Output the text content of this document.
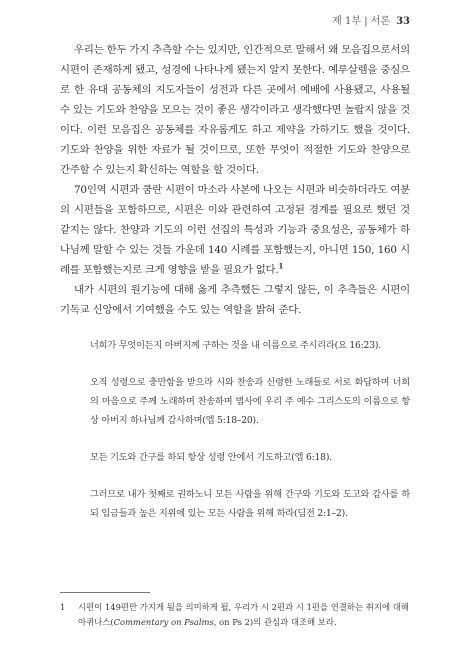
제 1부 | 서론 33

우리는 한두 가지 추측할 수는 있지만, 인간적으로 말해서 왜 모음집으로서의 시편이 존재하게 됐고, 성경에 나타나게 됐는지 알지 못한다. 예루살렘을 중심으로 한 유대 공동체의 지도자들이 성전과 다른 곳에서 예배에 사용됐고, 사용될 수 있는 기도와 찬양을 모으는 것이 좋은 생각이라고 생각했다면 놀랍지 않을 것이다. 이런 모음집은 공동체를 자유롭게도 하고 제약을 가하기도 했을 것이다. 기도와 찬양을 위한 자료가 될 것이므로, 또한 무엇이 적절한 기도와 찬양으로 간주할 수 있는지 확신하는 역할을 할 것이다.

70인역 시편과 쿰란 시편이 마소라 사본에 나오는 시편과 비슷하더라도 여분의 시편들을 포함하므로, 시편은 이와 관련하여 고정된 경계를 필요로 했던 것 같지는 않다. 찬양과 기도의 이런 선집의 특성과 기능과 중요성은, 공동체가 하나님께 말할 수 있는 것들 가운데 140 시례를 포함했는지, 아니면 150, 160 시례를 포함했는지로 크게 영향을 받을 필요가 없다.$^1$

내가 시편의 원기능에 대해 옳게 추측했든 그렇지 않든, 이 추측들은 시편이 기독교 신앙에서 기여했을 수도 있는 역할을 밝혀 준다.

너희가 무엇이든지 아버지께 구하는 것을 내 이름으로 주시리라(요 16:23).

오직 성령으로 충만함을 받으라 시와 찬송과 신령한 노래들로 서로 화답하며 너희의 마음으로 주께 노래하며 찬송하며 범사에 우리 주 예수 그리스도의 이름으로 항상 아버지 하나님께 감사하며(엡 5:18–20).

모든 기도와 간구를 하되 항상 성령 안에서 기도하고(엡 6:18).

그러므로 내가 첫째로 권하노니 모든 사람을 위해 간구와 기도와 도고와 감사를 하되 임금들과 높은 지위에 있는 모든 사람을 위해 하라(딤전 2:1–2).

1	시편이 149편만 가지게 됨을 의미하게 될, 우리가 시 2편과 시 1편을 연결하는 취지에 대해 아퀴나스(Commentary on Psalms, on Ps 2)의 관심과 대조해 보라.
